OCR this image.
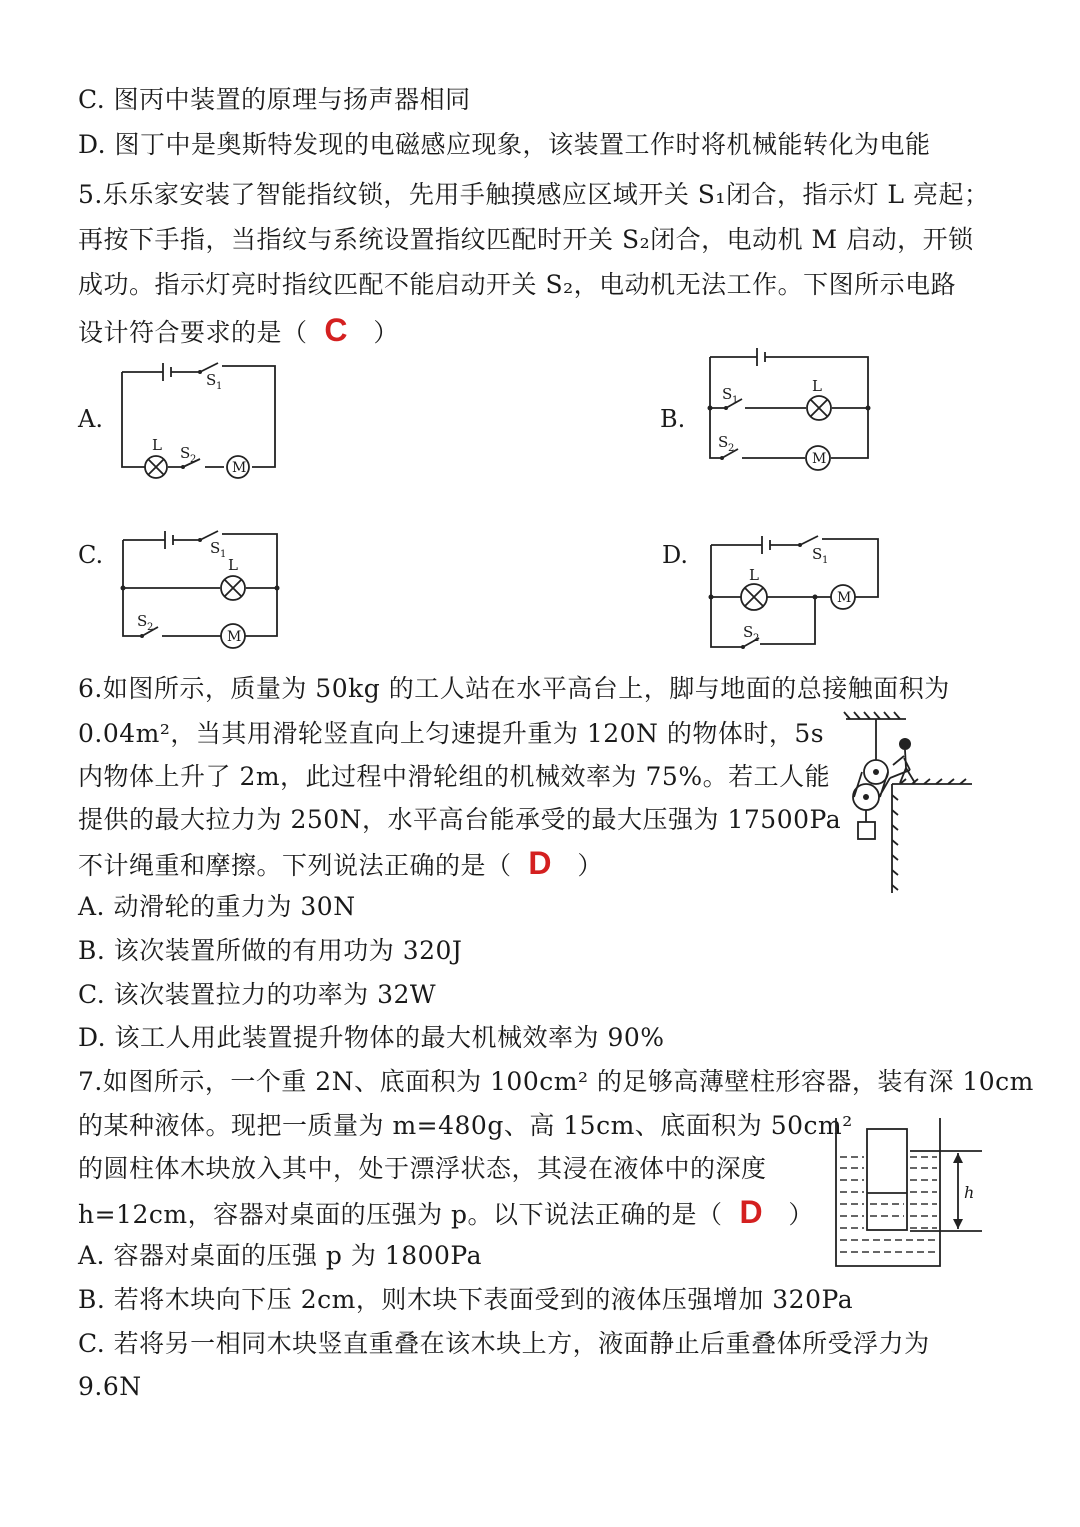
C. 图丙中装置的原理与扬声器相同
D. 图丁中是奥斯特发现的电磁感应现象，该装置工作时将机械能转化为电能
5.乐乐家安装了智能指纹锁，先用手触摸感应区域开关 S₁闭合，指示灯 L 亮起；
再按下手指，当指纹与系统设置指纹匹配时开关 S₂闭合，电动机 M 启动，开锁
成功。指示灯亮时指纹匹配不能启动开关 S₂，电动机无法工作。下图所示电路
设计符合要求的是（ C ）
A.	B.
C.	D.
M
S 1
L S 2	M
S 1
L
S 2
M
S 1
L
S 2
M
S 1
L
S 2
6.如图所示，质量为 50kg 的工人站在水平高台上，脚与地面的总接触面积为
0.04m²，当其用滑轮竖直向上匀速提升重为 120N 的物体时，5s
内物体上升了 2m，此过程中滑轮组的机械效率为 75%。若工人能
提供的最大拉力为 250N，水平高台能承受的最大压强为 17500Pa
不计绳重和摩擦。下列说法正确的是（ D ）
A. 动滑轮的重力为 30N
B. 该次装置所做的有用功为 320J
C. 该次装置拉力的功率为 32W
D. 该工人用此装置提升物体的最大机械效率为 90%
7.如图所示，一个重 2N、底面积为 100cm² 的足够高薄壁柱形容器，装有深 10cm
的某种液体。现把一质量为 m=480g、高 15cm、底面积为 50cm²
的圆柱体木块放入其中，处于漂浮状态，其浸在液体中的深度
h=12cm，容器对桌面的压强为 p。以下说法正确的是（ D ）
h
A. 容器对桌面的压强 p 为 1800Pa
B. 若将木块向下压 2cm，则木块下表面受到的液体压强增加 320Pa
C. 若将另一相同木块竖直重叠在该木块上方，液面静止后重叠体所受浮力为
9.6N
